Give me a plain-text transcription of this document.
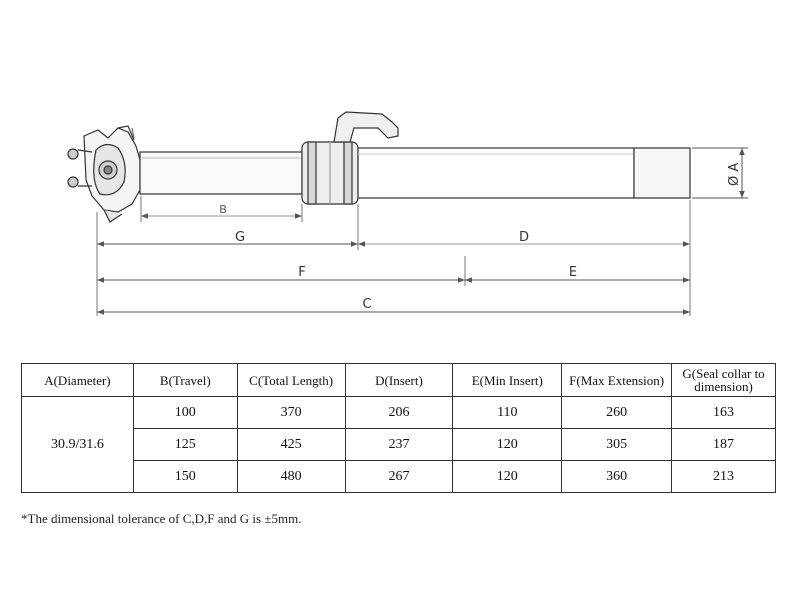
Ø A
B
G	D
F	E
C
A(Diameter)	B(Travel)	C(Total Length)	D(Insert)	E(Min Insert)	F(Max Extension)	G(Seal collar to dimension)
30.9/31.6	100	370	206	110	260	163
	125	425	237	120	305	187
	150	480	267	120	360	213
*The dimensional tolerance of C,D,F and G is ±5mm.
